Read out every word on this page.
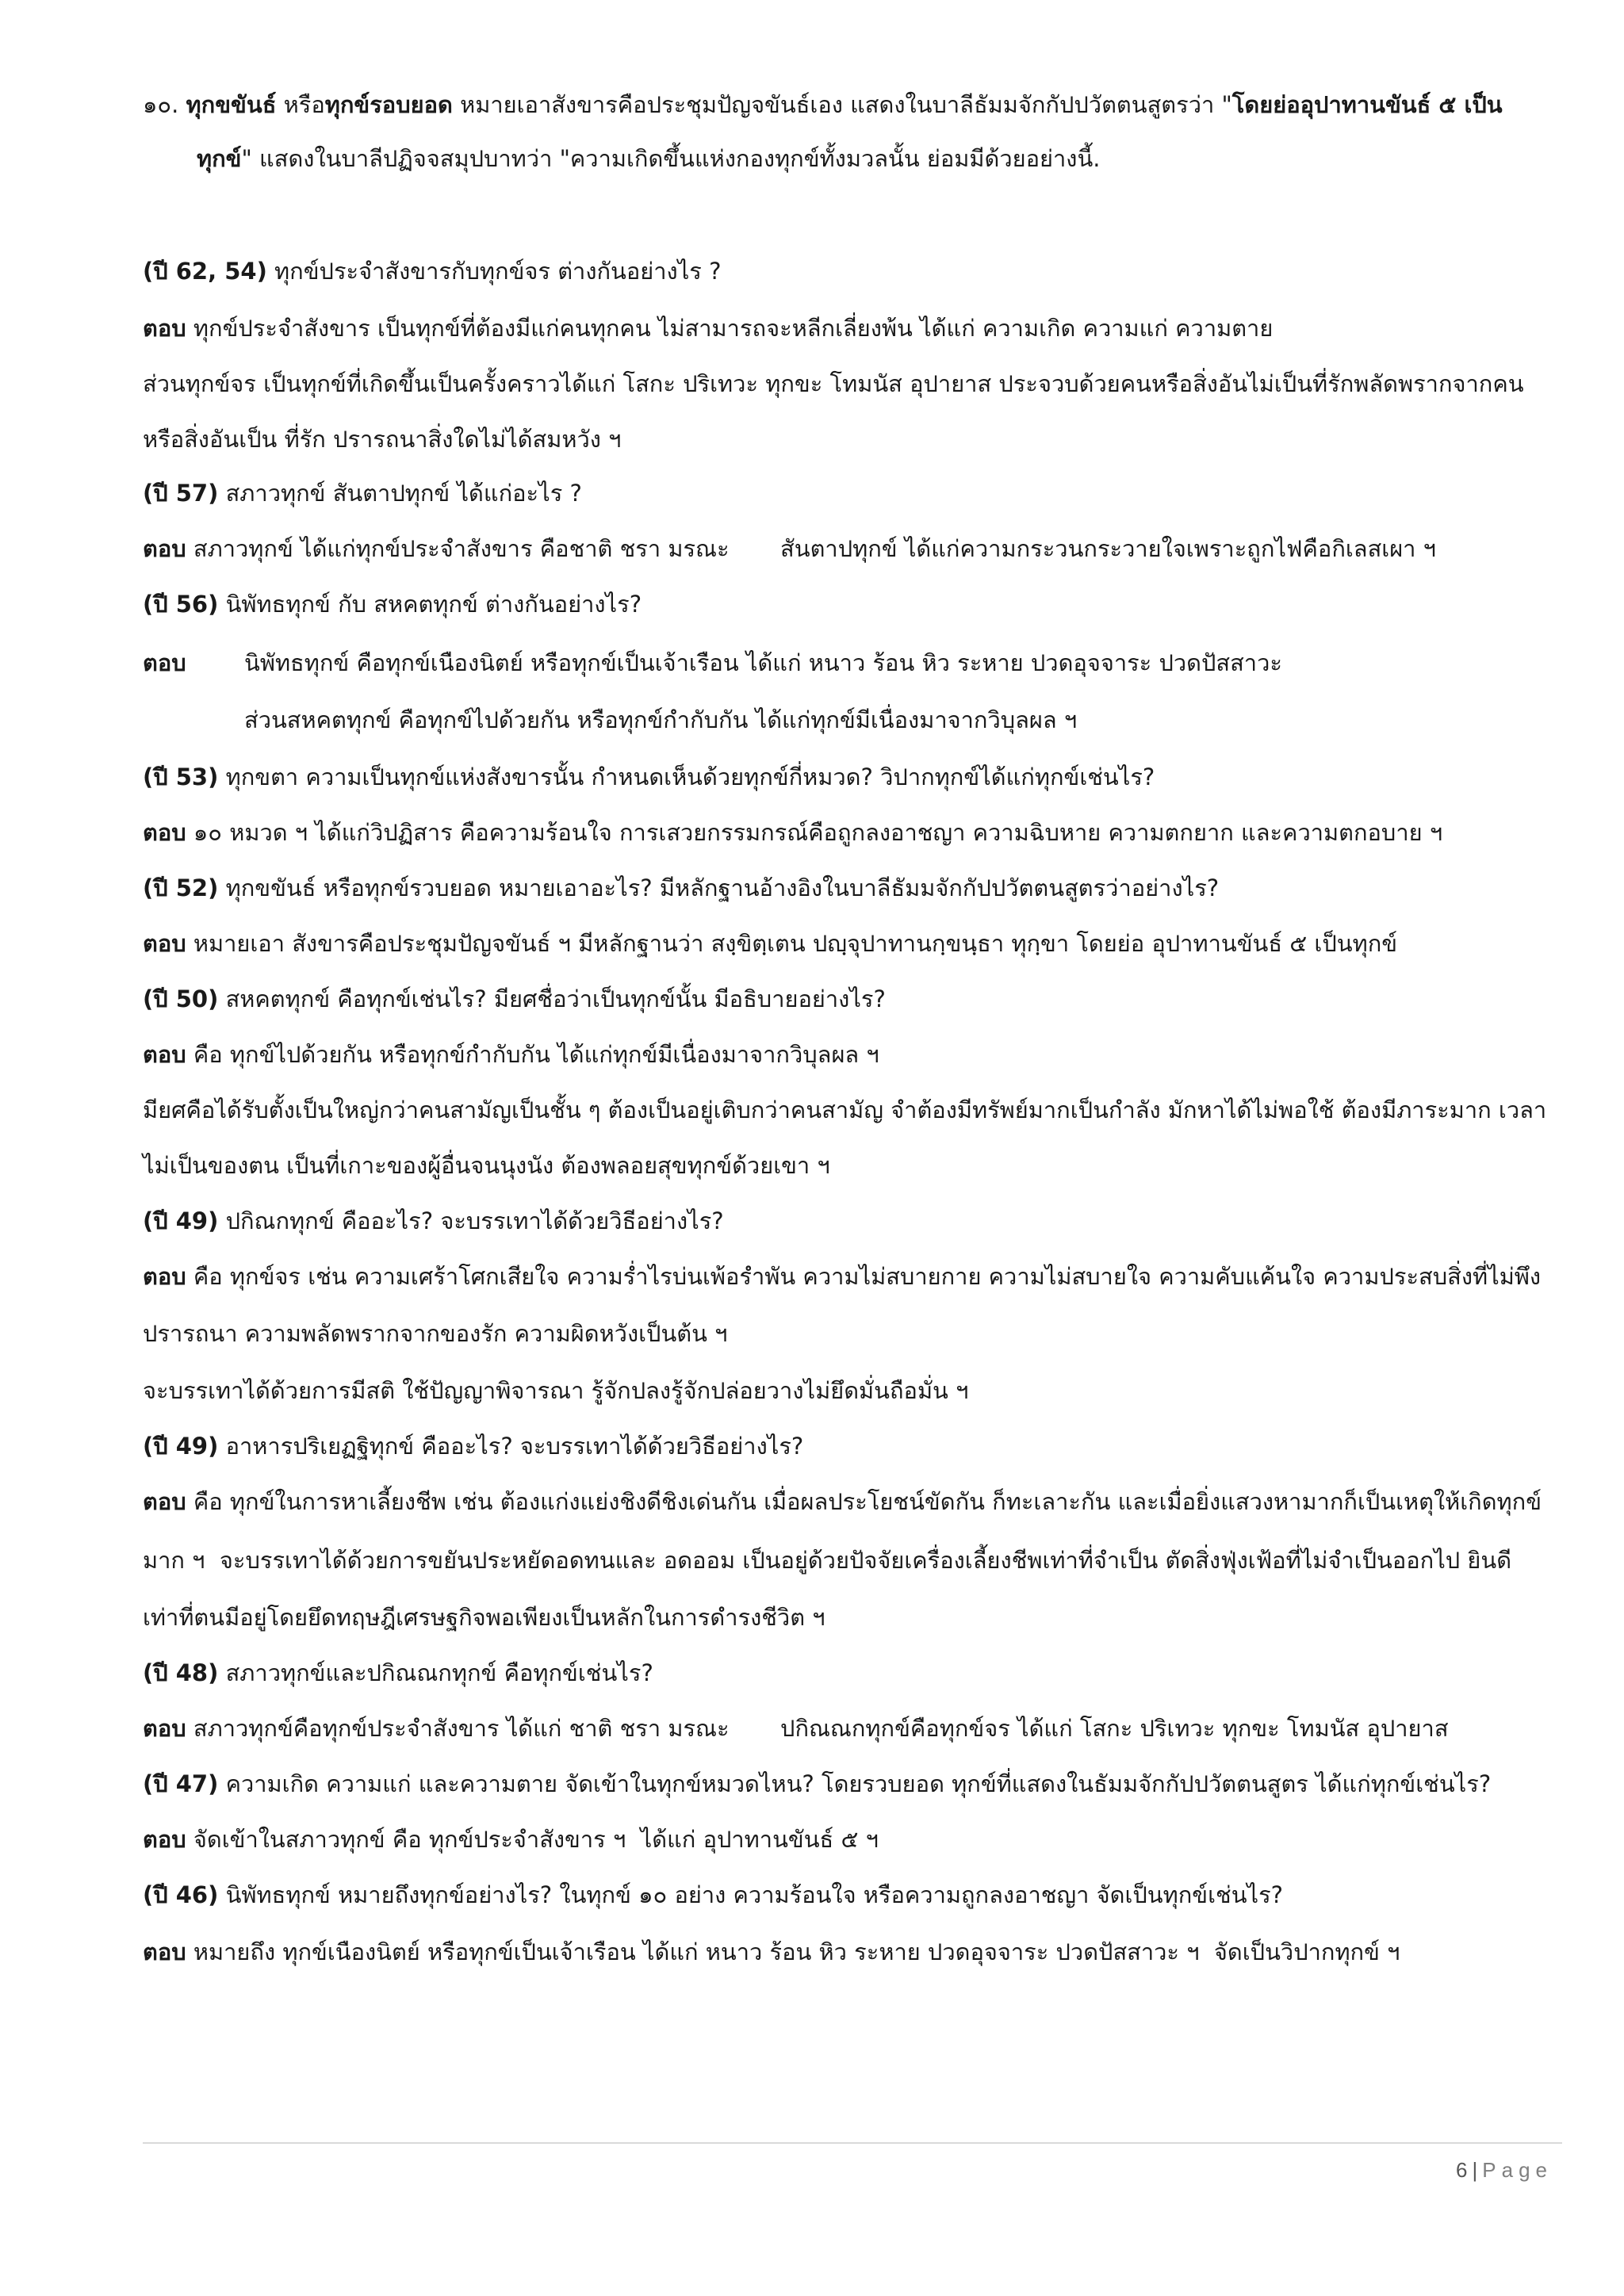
๑๐. ทุกขขันธ์ หรือทุกข์รอบยอด หมายเอาสังขารคือประชุมปัญจขันธ์เอง แสดงในบาลีธัมมจักกัปปวัตตนสูตรว่า "โดยย่ออุปาทานขันธ์ ๕ เป็น
ทุกข์" แสดงในบาลีปฏิจจสมุปบาทว่า "ความเกิดขึ้นแห่งกองทุกข์ทั้งมวลนั้น ย่อมมีด้วยอย่างนี้.
(ปี 62, 54) ทุกข์ประจำสังขารกับทุกข์จร ต่างกันอย่างไร ?
ตอบ ทุกข์ประจำสังขาร เป็นทุกข์ที่ต้องมีแก่คนทุกคน ไม่สามารถจะหลีกเลี่ยงพ้น ได้แก่ ความเกิด ความแก่ ความตาย
ส่วนทุกข์จร เป็นทุกข์ที่เกิดขึ้นเป็นครั้งคราวได้แก่ โสกะ ปริเทวะ ทุกขะ โทมนัส อุปายาส ประจวบด้วยคนหรือสิ่งอันไม่เป็นที่รักพลัดพรากจากคน
หรือสิ่งอันเป็น ที่รัก ปรารถนาสิ่งใดไม่ได้สมหวัง ฯ
(ปี 57) สภาวทุกข์ สันตาปทุกข์ ได้แก่อะไร ?
ตอบ สภาวทุกข์ ได้แก่ทุกข์ประจำสังขาร คือชาติ ชรา มรณะ       สันตาปทุกข์ ได้แก่ความกระวนกระวายใจเพราะถูกไฟคือกิเลสเผา ฯ
(ปี 56) นิพัทธทุกข์ กับ สหคตทุกข์ ต่างกันอย่างไร?
ตอบ	นิพัทธทุกข์ คือทุกข์เนืองนิตย์ หรือทุกข์เป็นเจ้าเรือน ได้แก่ หนาว ร้อน หิว ระหาย ปวดอุจจาระ ปวดปัสสาวะ
ส่วนสหคตทุกข์ คือทุกข์ไปด้วยกัน หรือทุกข์กำกับกัน ได้แก่ทุกข์มีเนื่องมาจากวิบุลผล ฯ
(ปี 53) ทุกขตา ความเป็นทุกข์แห่งสังขารนั้น กำหนดเห็นด้วยทุกข์กี่หมวด? วิปากทุกข์ได้แก่ทุกข์เช่นไร?
ตอบ ๑๐ หมวด ฯ ได้แก่วิปฏิสาร คือความร้อนใจ การเสวยกรรมกรณ์คือถูกลงอาชญา ความฉิบหาย ความตกยาก และความตกอบาย ฯ
(ปี 52) ทุกขขันธ์ หรือทุกข์รวบยอด หมายเอาอะไร? มีหลักฐานอ้างอิงในบาลีธัมมจักกัปปวัตตนสูตรว่าอย่างไร?
ตอบ หมายเอา สังขารคือประชุมปัญจขันธ์ ฯ มีหลักฐานว่า สงฺขิตฺเตน ปญฺจุปาทานกฺขนฺธา ทุกฺขา โดยย่อ อุปาทานขันธ์ ๕ เป็นทุกข์
(ปี 50) สหคตทุกข์ คือทุกข์เช่นไร? มียศชื่อว่าเป็นทุกข์นั้น มีอธิบายอย่างไร?
ตอบ คือ ทุกข์ไปด้วยกัน หรือทุกข์กำกับกัน ได้แก่ทุกข์มีเนื่องมาจากวิบุลผล ฯ
มียศคือได้รับตั้งเป็นใหญ่กว่าคนสามัญเป็นชั้น ๆ ต้องเป็นอยู่เติบกว่าคนสามัญ จำต้องมีทรัพย์มากเป็นกำลัง มักหาได้ไม่พอใช้ ต้องมีภาระมาก เวลา
ไม่เป็นของตน เป็นที่เกาะของผู้อื่นจนนุงนัง ต้องพลอยสุขทุกข์ด้วยเขา ฯ
(ปี 49) ปกิณกทุกข์ คืออะไร? จะบรรเทาได้ด้วยวิธีอย่างไร?
ตอบ คือ ทุกข์จร เช่น ความเศร้าโศกเสียใจ ความร่ำไรบ่นเพ้อรำพัน ความไม่สบายกาย ความไม่สบายใจ ความคับแค้นใจ ความประสบสิ่งที่ไม่พึง
ปรารถนา ความพลัดพรากจากของรัก ความผิดหวังเป็นต้น ฯ
จะบรรเทาได้ด้วยการมีสติ ใช้ปัญญาพิจารณา รู้จักปลงรู้จักปล่อยวางไม่ยึดมั่นถือมั่น ฯ
(ปี 49) อาหารปริเยฏฐิทุกข์ คืออะไร? จะบรรเทาได้ด้วยวิธีอย่างไร?
ตอบ คือ ทุกข์ในการหาเลี้ยงชีพ เช่น ต้องแก่งแย่งชิงดีชิงเด่นกัน เมื่อผลประโยชน์ขัดกัน ก็ทะเลาะกัน และเมื่อยิ่งแสวงหามากก็เป็นเหตุให้เกิดทุกข์
มาก ฯ  จะบรรเทาได้ด้วยการขยันประหยัดอดทนและ อดออม เป็นอยู่ด้วยปัจจัยเครื่องเลี้ยงชีพเท่าที่จำเป็น ตัดสิ่งฟุ่งเฟ้อที่ไม่จำเป็นออกไป ยินดี
เท่าที่ตนมีอยู่โดยยึดทฤษฎีเศรษฐกิจพอเพียงเป็นหลักในการดำรงชีวิต ฯ
(ปี 48) สภาวทุกข์และปกิณณกทุกข์ คือทุกข์เช่นไร?
ตอบ สภาวทุกข์คือทุกข์ประจำสังขาร ได้แก่ ชาติ ชรา มรณะ       ปกิณณกทุกข์คือทุกข์จร ได้แก่ โสกะ ปริเทวะ ทุกขะ โทมนัส อุปายาส
(ปี 47) ความเกิด ความแก่ และความตาย จัดเข้าในทุกข์หมวดไหน? โดยรวบยอด ทุกข์ที่แสดงในธัมมจักกัปปวัตตนสูตร ได้แก่ทุกข์เช่นไร?
ตอบ จัดเข้าในสภาวทุกข์ คือ ทุกข์ประจำสังขาร ฯ  ได้แก่ อุปาทานขันธ์ ๕ ฯ
(ปี 46) นิพัทธทุกข์ หมายถึงทุกข์อย่างไร? ในทุกข์ ๑๐ อย่าง ความร้อนใจ หรือความถูกลงอาชญา จัดเป็นทุกข์เช่นไร?
ตอบ หมายถึง ทุกข์เนืองนิตย์ หรือทุกข์เป็นเจ้าเรือน ได้แก่ หนาว ร้อน หิว ระหาย ปวดอุจจาระ ปวดปัสสาวะ ฯ  จัดเป็นวิปากทุกข์ ฯ
6 | Page
